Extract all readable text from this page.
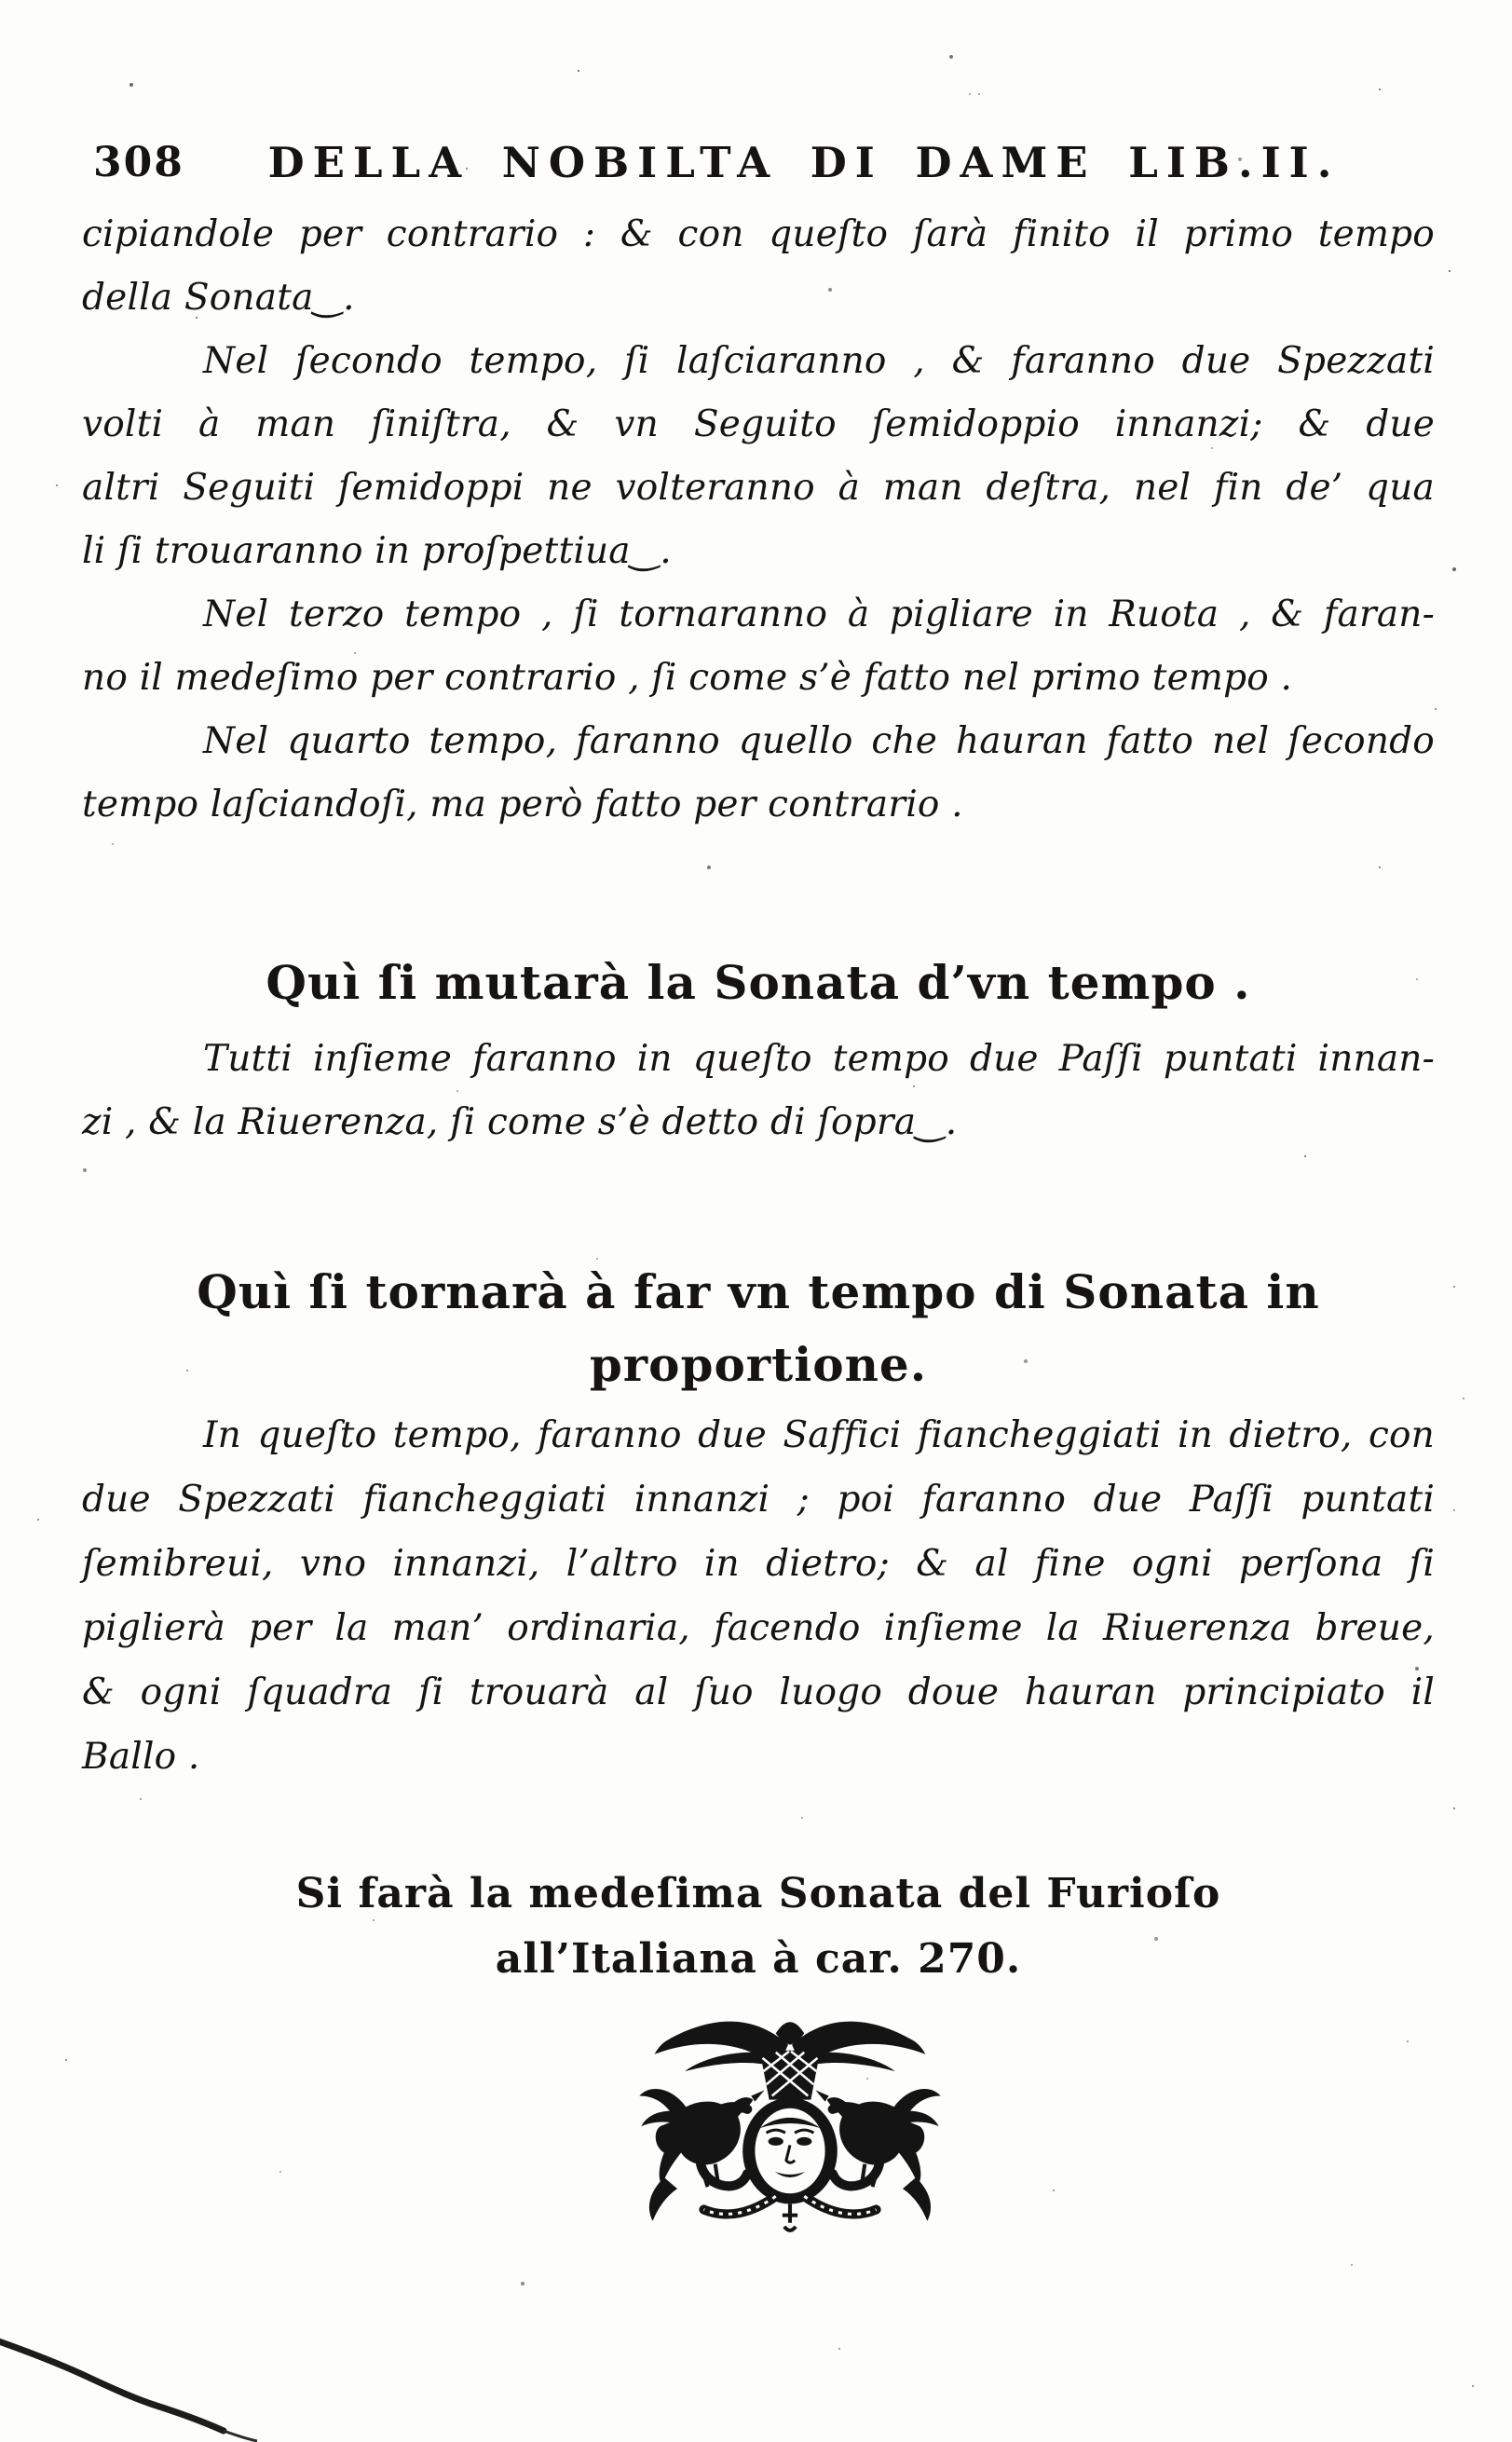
308	DELLA NOBILTA DI DAME LIB.II.
cipiandole per contrario : & con queſto ſarà finito il primo tempo
della Sonata‿.
Nel ſecondo tempo, ſi laſciaranno , & faranno due Spezzati
volti à man ſiniſtra, & vn Seguito ſemidoppio innanzi; & due
altri Seguiti ſemidoppi ne volteranno à man deſtra, nel fin de’ qua
li ſi trouaranno in proſpettiua‿.
Nel terzo tempo , ſi tornaranno à pigliare in Ruota , & faran-
no il medeſimo per contrario , ſi come s’è fatto nel primo tempo .
Nel quarto tempo, faranno quello che hauran fatto nel ſecondo
tempo laſciandoſi, ma però fatto per contrario .
Quì ſi mutarà la Sonata d’vn tempo .
Tutti inſieme faranno in queſto tempo due Paſſi puntati innan-
zi , & la Riuerenza, ſi come s’è detto di ſopra‿.
Quì ſi tornarà à far vn tempo di Sonata in
proportione.
In queſto tempo, faranno due Saffici fiancheggiati in dietro, con
due Spezzati fiancheggiati innanzi ; poi faranno due Paſſi puntati
ſemibreui, vno innanzi, l’altro in dietro; & al fine ogni perſona ſi
piglierà per la man’ ordinaria, facendo inſieme la Riuerenza breue,
& ogni ſquadra ſi trouarà al ſuo luogo doue hauran principiato il
Ballo .
Si farà la medeſima Sonata del Furioſo
all’Italiana à car. 270.
